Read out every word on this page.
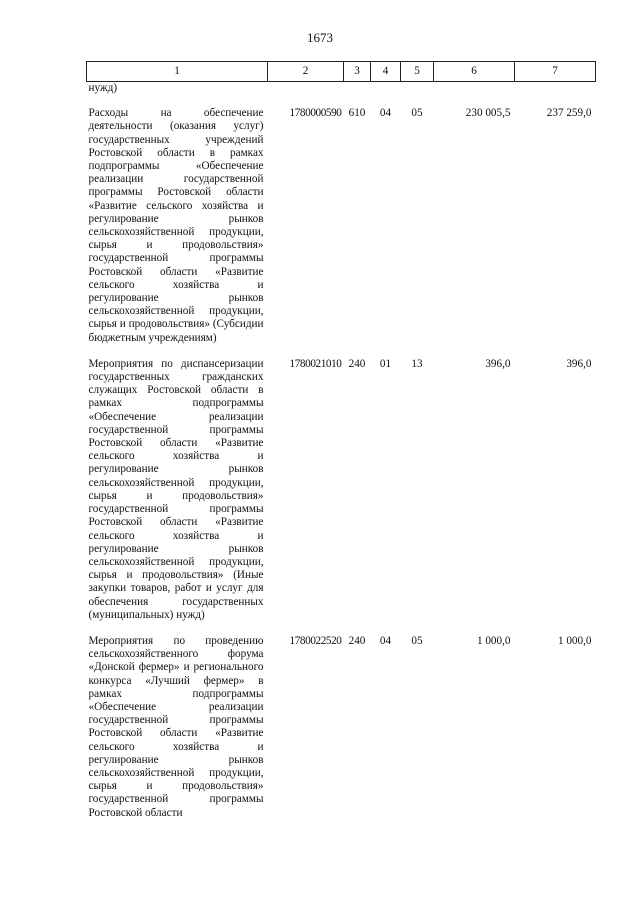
1673
1	2	3	4	5	6	7
нужд)						
Расходы на обеспечение деятельности (оказания услуг) государственных учреждений Ростовской области в рамках подпрограммы «Обеспечение реализации государственной программы Ростовской области «Развитие сельского хозяйства и регулирование рынков сельскохозяйственной продукции, сырья и продовольствия» государственной программы Ростовской области «Развитие сельского хозяйства и регулирование рынков сельскохозяйственной продукции, сырья и продовольствия» (Субсидии бюджетным учреждениям)	1780000590	610	04	05	230 005,5	237 259,0
Мероприятия по диспансеризации государственных гражданских служащих Ростовской области в рамках подпрограммы «Обеспечение реализации государственной программы Ростовской области «Развитие сельского хозяйства и регулирование рынков сельскохозяйственной продукции, сырья и продовольствия» государственной программы Ростовской области «Развитие сельского хозяйства и регулирование рынков сельскохозяйственной продукции, сырья и продовольствия» (Иные закупки товаров, работ и услуг для обеспечения государственных (муниципальных) нужд)	1780021010	240	01	13	396,0	396,0
Мероприятия по проведению сельскохозяйственного форума «Донской фермер» и регионального конкурса «Лучший фермер» в рамках подпрограммы «Обеспечение реализации государственной программы Ростовской области «Развитие сельского хозяйства и регулирование рынков сельскохозяйственной продукции, сырья и продовольствия» государственной программы Ростовской области	1780022520	240	04	05	1 000,0	1 000,0
